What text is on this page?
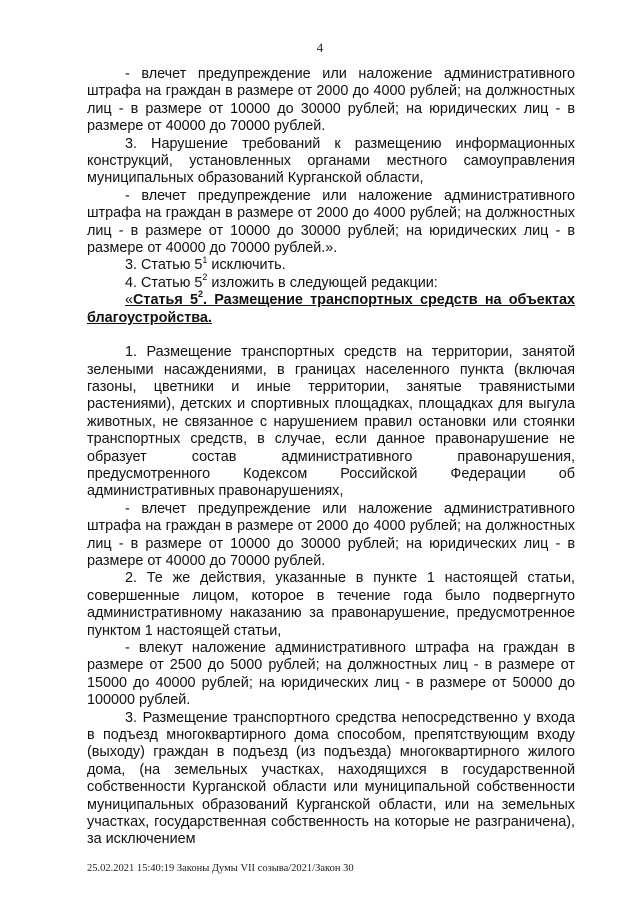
4

- влечет предупреждение или наложение административного штрафа на граждан в размере от 2000 до 4000 рублей; на должностных лиц - в размере от 10000 до 30000 рублей; на юридических лиц - в размере от 40000 до 70000 рублей.

3. Нарушение требований к размещению информационных конструкций, установленных органами местного самоуправления муниципальных образований Курганской области,

- влечет предупреждение или наложение административного штрафа на граждан в размере от 2000 до 4000 рублей; на должностных лиц - в размере от 10000 до 30000 рублей; на юридических лиц - в размере от 40000 до 70000 рублей.».

3. Статью $5^1$ исключить.

4. Статью $5^2$ изложить в следующей редакции:

«Статья $5^2$. Размещение транспортных средств на объектах благоустройства.

1. Размещение транспортных средств на территории, занятой зелеными насаждениями, в границах населенного пункта (включая газоны, цветники и иные территории, занятые травянистыми растениями), детских и спортивных площадках, площадках для выгула животных, не связанное с нарушением правил остановки или стоянки транспортных средств, в случае, если данное правонарушение не образует состав административного правонарушения, предусмотренного Кодексом Российской Федерации об административных правонарушениях,

- влечет предупреждение или наложение административного штрафа на граждан в размере от 2000 до 4000 рублей; на должностных лиц - в размере от 10000 до 30000 рублей; на юридических лиц - в размере от 40000 до 70000 рублей.

2. Те же действия, указанные в пункте 1 настоящей статьи, совершенные лицом, которое в течение года было подвергнуто административному наказанию за правонарушение, предусмотренное пунктом 1 настоящей статьи,

- влекут наложение административного штрафа на граждан в размере от 2500 до 5000 рублей; на должностных лиц - в размере от 15000 до 40000 рублей; на юридических лиц - в размере от 50000 до 100000 рублей.

3. Размещение транспортного средства непосредственно у входа в подъезд многоквартирного дома способом, препятствующим входу (выходу) граждан в подъезд (из подъезда) многоквартирного жилого дома, (на земельных участках, находящихся в государственной собственности Курганской области или муниципальной собственности муниципальных образований Курганской области, или на земельных участках, государственная собственность на которые не разграничена), за исключением

25.02.2021 15:40:19 Законы Думы VII созыва/2021/Закон 30
